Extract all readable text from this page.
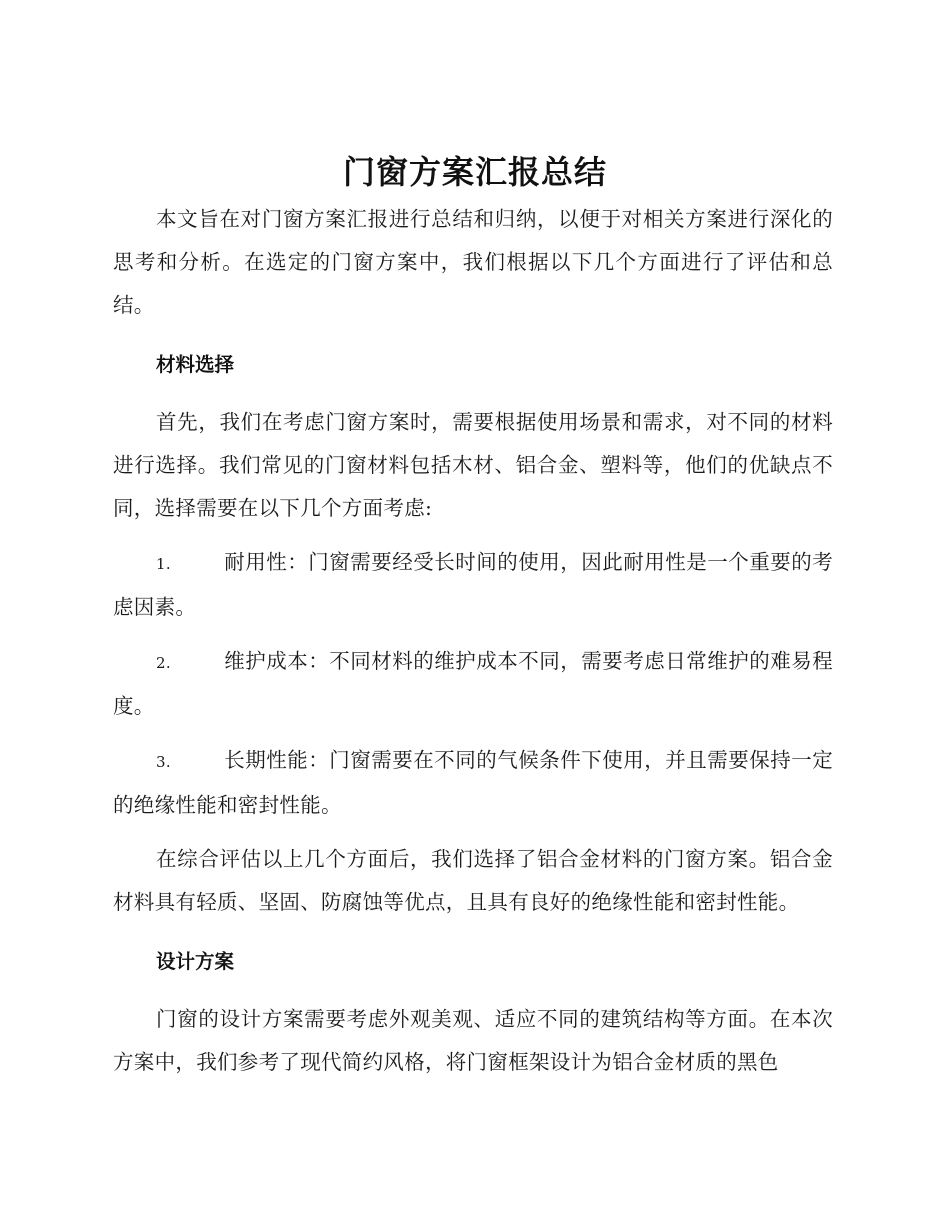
门窗方案汇报总结

本文旨在对门窗方案汇报进行总结和归纳，以便于对相关方案进行深化的思考和分析。在选定的门窗方案中，我们根据以下几个方面进行了评估和总结。

材料选择

首先，我们在考虑门窗方案时，需要根据使用场景和需求，对不同的材料进行选择。我们常见的门窗材料包括木材、铝合金、塑料等，他们的优缺点不同，选择需要在以下几个方面考虑:

1.	耐用性：门窗需要经受长时间的使用，因此耐用性是一个重要的考虑因素。

2.	维护成本：不同材料的维护成本不同，需要考虑日常维护的难易程度。

3.	长期性能：门窗需要在不同的气候条件下使用，并且需要保持一定的绝缘性能和密封性能。

在综合评估以上几个方面后，我们选择了铝合金材料的门窗方案。铝合金材料具有轻质、坚固、防腐蚀等优点，且具有良好的绝缘性能和密封性能。

设计方案

门窗的设计方案需要考虑外观美观、适应不同的建筑结构等方面。在本次方案中，我们参考了现代简约风格，将门窗框架设计为铝合金材质的黑色
